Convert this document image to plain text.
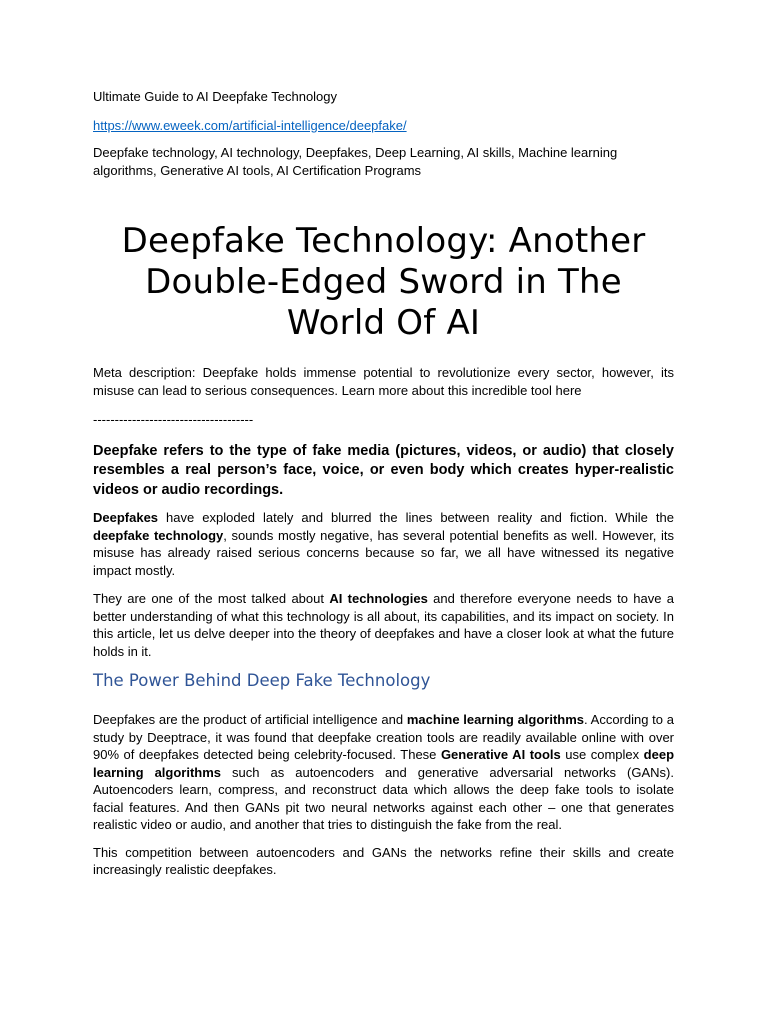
Ultimate Guide to AI Deepfake Technology

https://www.eweek.com/artificial-intelligence/deepfake/

Deepfake technology, AI technology, Deepfakes, Deep Learning, AI skills, Machine learning algorithms, Generative AI tools, AI Certification Programs

Deepfake Technology: Another Double-Edged Sword in The World Of AI

Meta description: Deepfake holds immense potential to revolutionize every sector, however, its misuse can lead to serious consequences. Learn more about this incredible tool here

-------------------------------------

Deepfake refers to the type of fake media (pictures, videos, or audio) that closely resembles a real person’s face, voice, or even body which creates hyper-realistic videos or audio recordings.

Deepfakes have exploded lately and blurred the lines between reality and fiction. While the deepfake technology, sounds mostly negative, has several potential benefits as well. However, its misuse has already raised serious concerns because so far, we all have witnessed its negative impact mostly.

They are one of the most talked about AI technologies and therefore everyone needs to have a better understanding of what this technology is all about, its capabilities, and its impact on society. In this article, let us delve deeper into the theory of deepfakes and have a closer look at what the future holds in it.

The Power Behind Deep Fake Technology

Deepfakes are the product of artificial intelligence and machine learning algorithms. According to a study by Deeptrace, it was found that deepfake creation tools are readily available online with over 90% of deepfakes detected being celebrity-focused. These Generative AI tools use complex deep learning algorithms such as autoencoders and generative adversarial networks (GANs). Autoencoders learn, compress, and reconstruct data which allows the deep fake tools to isolate facial features. And then GANs pit two neural networks against each other – one that generates realistic video or audio, and another that tries to distinguish the fake from the real.

This competition between autoencoders and GANs the networks refine their skills and create increasingly realistic deepfakes.
